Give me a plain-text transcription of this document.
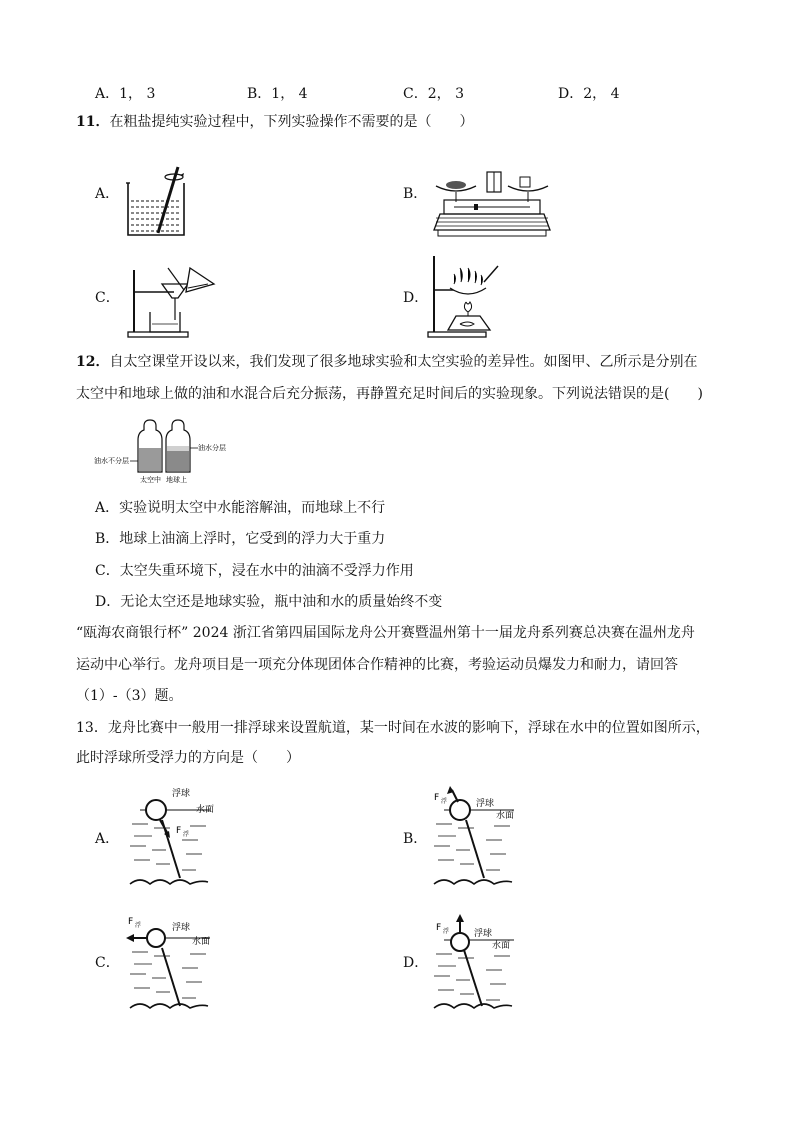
A．1， 3	B．1， 4	C．2， 3	D．2， 4
11．在粗盐提纯实验过程中，下列实验操作不需要的是（　　）
A．	B．
C．	D．
12．自太空课堂开设以来，我们发现了很多地球实验和太空实验的差异性。如图甲、乙所示是分别在
太空中和地球上做的油和水混合后充分振荡，再静置充足时间后的实验现象。下列说法错误的是(　　)
油水不分层
油水分层
太空中 地球上
A．实验说明太空中水能溶解油，而地球上不行
B．地球上油滴上浮时，它受到的浮力大于重力
C．太空失重环境下，浸在水中的油滴不受浮力作用
D．无论太空还是地球实验，瓶中油和水的质量始终不变
“瓯海农商银行杯” 2024 浙江省第四届国际龙舟公开赛暨温州第十一届龙舟系列赛总决赛在温州龙舟
运动中心举行。龙舟项目是一项充分体现团体合作精神的比赛，考验运动员爆发力和耐力，请回答
（1）-（3）题。
13．龙舟比赛中一般用一排浮球来设置航道，某一时间在水波的影响下，浮球在水中的位置如图所示，
此时浮球所受浮力的方向是（　　）
A．
浮球
水面
F 浮	B．
F 浮	浮球
水面
C．
F 浮	浮球
水面
D．
F 浮	浮球
水面
